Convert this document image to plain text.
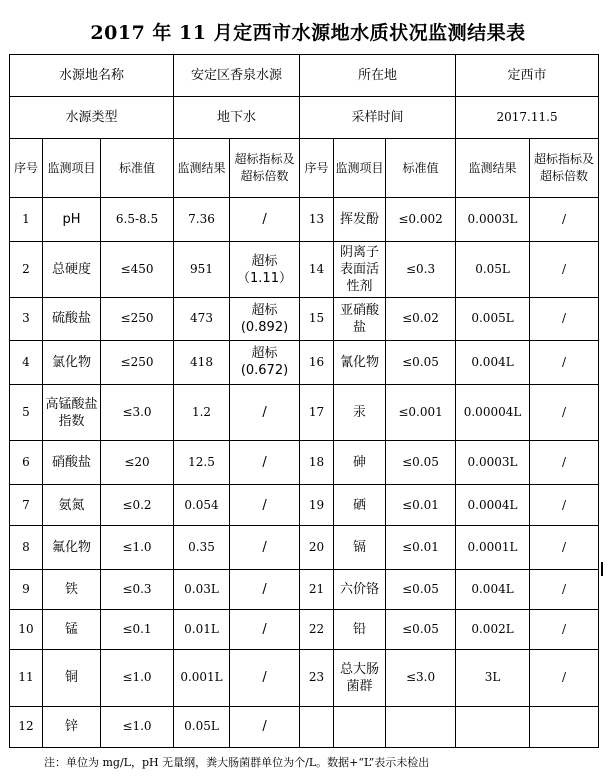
2017 年 11 月定西市水源地水质状况监测结果表
水源地名称			安定区香泉水源		所在地			定西市	
水源类型			地下水		采样时间			2017.11.5	
序号	监测项目	标准值	监测结果	超标指标及超标倍数	序号	监测项目	标准值	监测结果	超标指标及超标倍数
1	pH	6.5-8.5	7.36	/	13	挥发酚	≤0.002	0.0003L	/
2	总硬度	≤450	951	超标（1.11）	14	阴离子表面活性剂	≤0.3	0.05L	/
3	硫酸盐	≤250	473	超标(0.892)	15	亚硝酸盐	≤0.02	0.005L	/
4	氯化物	≤250	418	超标(0.672)	16	氰化物	≤0.05	0.004L	/
5	高锰酸盐指数	≤3.0	1.2	/	17	汞	≤0.001	0.00004L	/
6	硝酸盐	≤20	12.5	/	18	砷	≤0.05	0.0003L	/
7	氨氮	≤0.2	0.054	/	19	硒	≤0.01	0.0004L	/
8	氟化物	≤1.0	0.35	/	20	镉	≤0.01	0.0001L	/
9	铁	≤0.3	0.03L	/	21	六价铬	≤0.05	0.004L	/
10	锰	≤0.1	0.01L	/	22	铅	≤0.05	0.002L	/
11	铜	≤1.0	0.001L	/	23	总大肠菌群	≤3.0	3L	/
12	锌	≤1.0	0.05L	/					
注：单位为 mg/L，pH 无量纲，粪大肠菌群单位为个/L。数据+“L”表示未检出
